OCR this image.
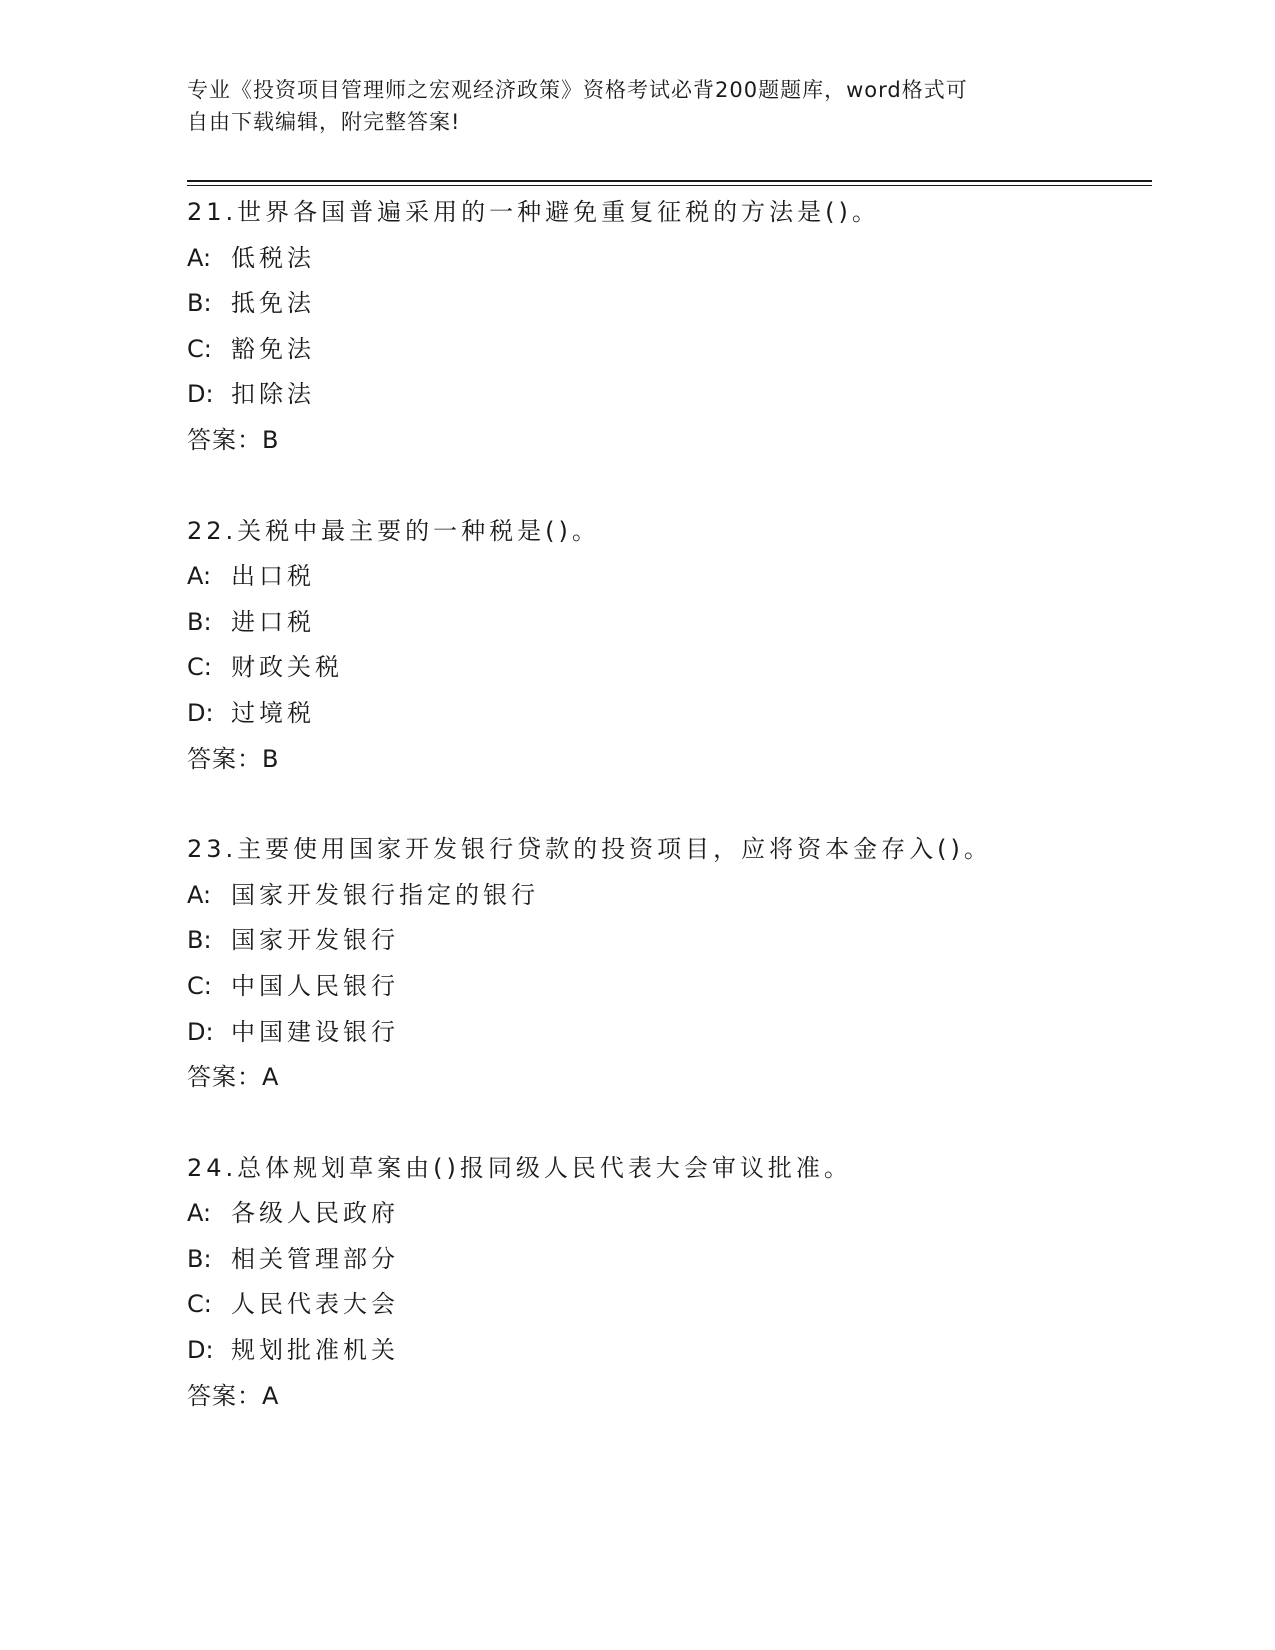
专业《投资项目管理师之宏观经济政策》资格考试必背200题题库，word格式可
自由下载编辑，附完整答案!
21.世界各国普遍采用的一种避免重复征税的方法是()。
A: 低税法
B: 抵免法
C: 豁免法
D: 扣除法
答案：B
22.关税中最主要的一种税是()。
A: 出口税
B: 进口税
C: 财政关税
D: 过境税
答案：B
23.主要使用国家开发银行贷款的投资项目，应将资本金存入()。
A: 国家开发银行指定的银行
B: 国家开发银行
C: 中国人民银行
D: 中国建设银行
答案：A
24.总体规划草案由()报同级人民代表大会审议批准。
A: 各级人民政府
B: 相关管理部分
C: 人民代表大会
D: 规划批准机关
答案：A
